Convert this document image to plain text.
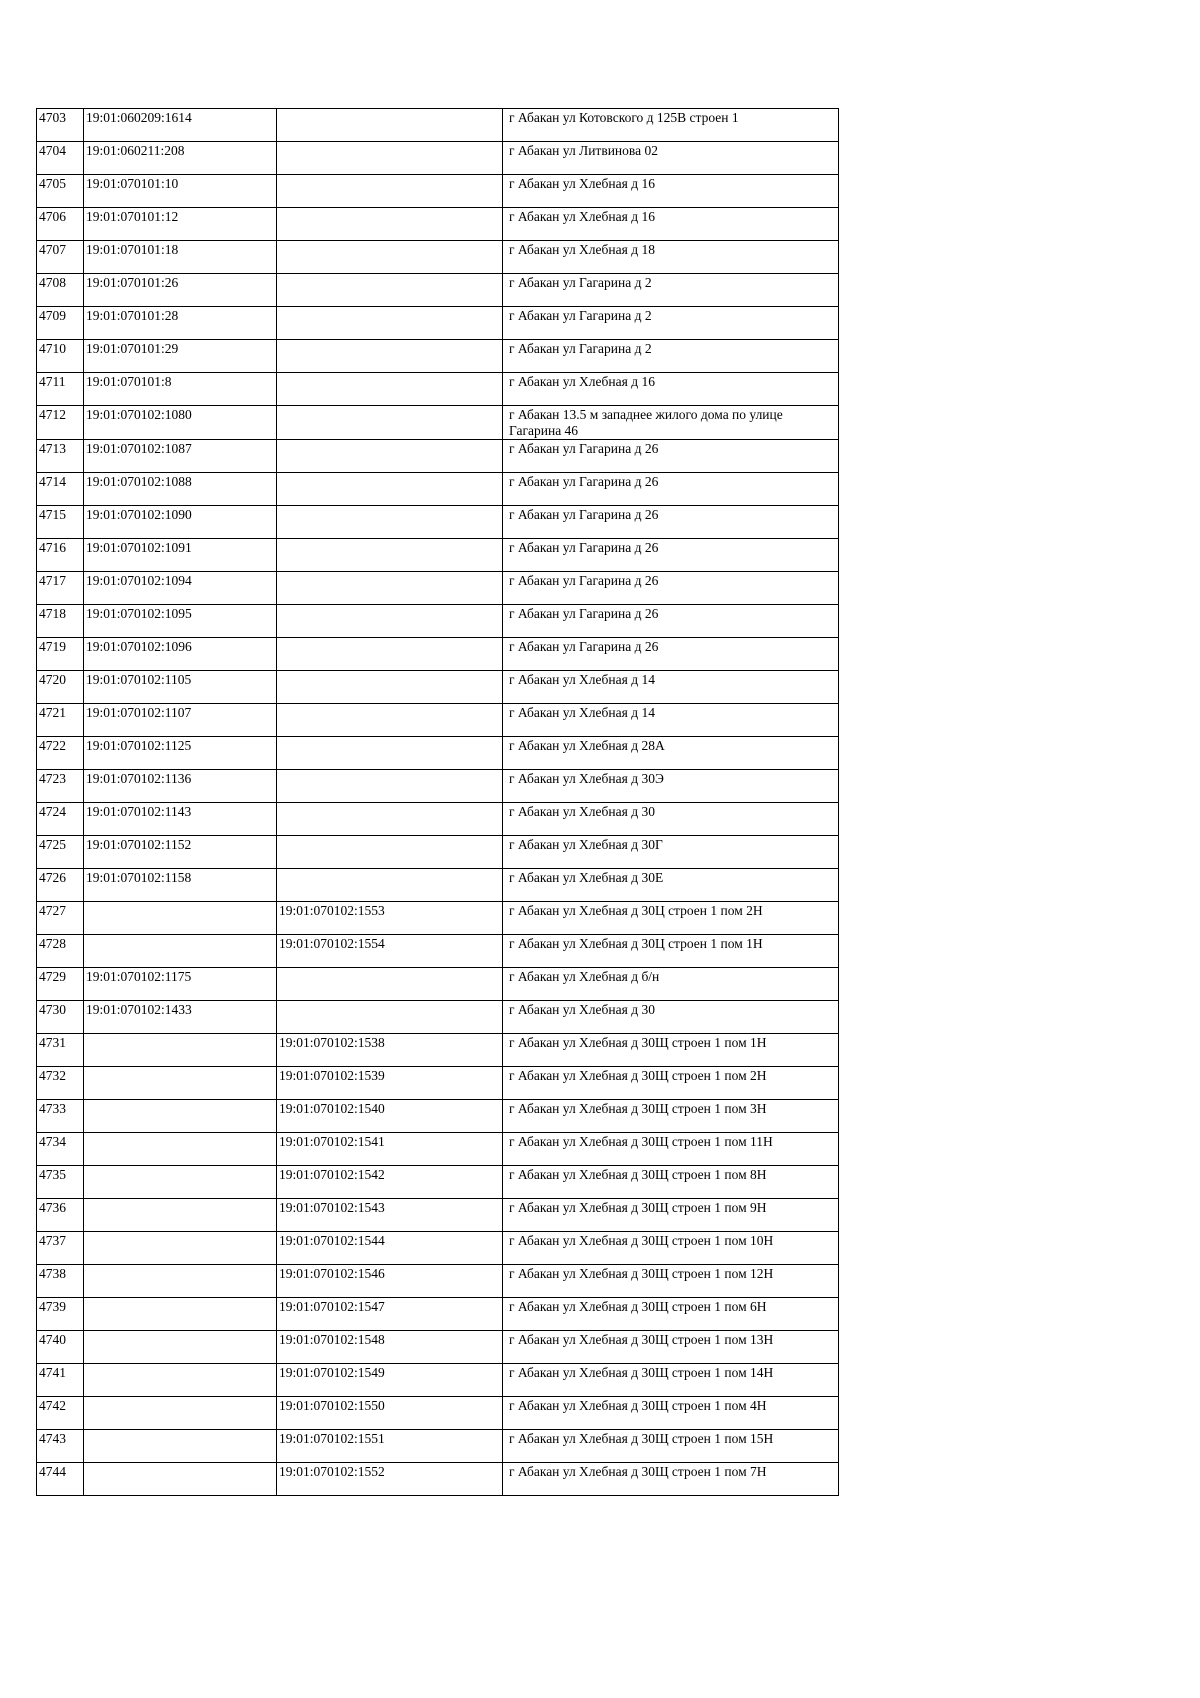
4703	19:01:060209:1614		г Абакан ул Котовского д 125В строен 1

4704	19:01:060211:208		г Абакан ул Литвинова 02

4705	19:01:070101:10		г Абакан ул Хлебная д 16

4706	19:01:070101:12		г Абакан ул Хлебная д 16

4707	19:01:070101:18		г Абакан ул Хлебная д 18

4708	19:01:070101:26		г Абакан ул Гагарина д 2

4709	19:01:070101:28		г Абакан ул Гагарина д 2

4710	19:01:070101:29		г Абакан ул Гагарина д 2

4711	19:01:070101:8		г Абакан ул Хлебная д 16

4712	19:01:070102:1080		г Абакан 13.5 м западнее жилого дома по улице Гагарина 46

4713	19:01:070102:1087		г Абакан ул Гагарина д 26

4714	19:01:070102:1088		г Абакан ул Гагарина д 26

4715	19:01:070102:1090		г Абакан ул Гагарина д 26

4716	19:01:070102:1091		г Абакан ул Гагарина д 26

4717	19:01:070102:1094		г Абакан ул Гагарина д 26

4718	19:01:070102:1095		г Абакан ул Гагарина д 26

4719	19:01:070102:1096		г Абакан ул Гагарина д 26

4720	19:01:070102:1105		г Абакан ул Хлебная д 14

4721	19:01:070102:1107		г Абакан ул Хлебная д 14

4722	19:01:070102:1125		г Абакан ул Хлебная д 28А

4723	19:01:070102:1136		г Абакан ул Хлебная д 30Э

4724	19:01:070102:1143		г Абакан ул Хлебная д 30

4725	19:01:070102:1152		г Абакан ул Хлебная д 30Г

4726	19:01:070102:1158		г Абакан ул Хлебная д 30Е

4727		19:01:070102:1553	г Абакан ул Хлебная д 30Ц строен 1 пом 2Н

4728		19:01:070102:1554	г Абакан ул Хлебная д 30Ц строен 1 пом 1Н

4729	19:01:070102:1175		г Абакан ул Хлебная д б/н

4730	19:01:070102:1433		г Абакан ул Хлебная д 30

4731		19:01:070102:1538	г Абакан ул Хлебная д 30Щ строен 1 пом 1Н

4732		19:01:070102:1539	г Абакан ул Хлебная д 30Щ строен 1 пом 2Н

4733		19:01:070102:1540	г Абакан ул Хлебная д 30Щ строен 1 пом 3Н

4734		19:01:070102:1541	г Абакан ул Хлебная д 30Щ строен 1 пом 11Н

4735		19:01:070102:1542	г Абакан ул Хлебная д 30Щ строен 1 пом 8Н

4736		19:01:070102:1543	г Абакан ул Хлебная д 30Щ строен 1 пом 9Н

4737		19:01:070102:1544	г Абакан ул Хлебная д 30Щ строен 1 пом 10Н

4738		19:01:070102:1546	г Абакан ул Хлебная д 30Щ строен 1 пом 12Н

4739		19:01:070102:1547	г Абакан ул Хлебная д 30Щ строен 1 пом 6Н

4740		19:01:070102:1548	г Абакан ул Хлебная д 30Щ строен 1 пом 13Н

4741		19:01:070102:1549	г Абакан ул Хлебная д 30Щ строен 1 пом 14Н

4742		19:01:070102:1550	г Абакан ул Хлебная д 30Щ строен 1 пом 4Н

4743		19:01:070102:1551	г Абакан ул Хлебная д 30Щ строен 1 пом 15Н

4744		19:01:070102:1552	г Абакан ул Хлебная д 30Щ строен 1 пом 7Н
